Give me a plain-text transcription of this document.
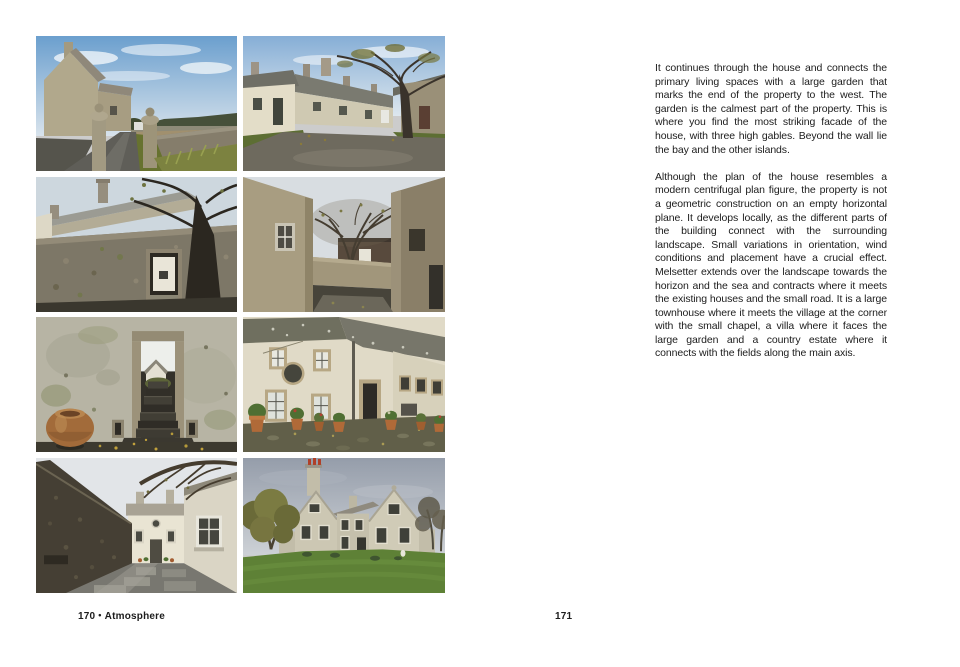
170 • Atmosphere

It continues through the house and connects the primary living spaces with a large garden that marks the end of the property to the west. The garden is the calmest part of the property. This is where you find the most striking facade of the house, with three high gables. Beyond the wall lie the bay and the other islands.

Although the plan of the house resembles a modern centrifugal plan figure, the property is not a geometric construction on an empty horizontal plane. It develops locally, as the different parts of the building connect with the surrounding landscape. Small variations in orientation, wind conditions and placement have a crucial effect. Melsetter extends over the landscape towards the horizon and the sea and contracts where it meets the existing houses and the small road. It is a large townhouse where it meets the village at the corner with the small chapel, a villa where it faces the large garden and a country estate where it connects with the fields along the main axis.

171
